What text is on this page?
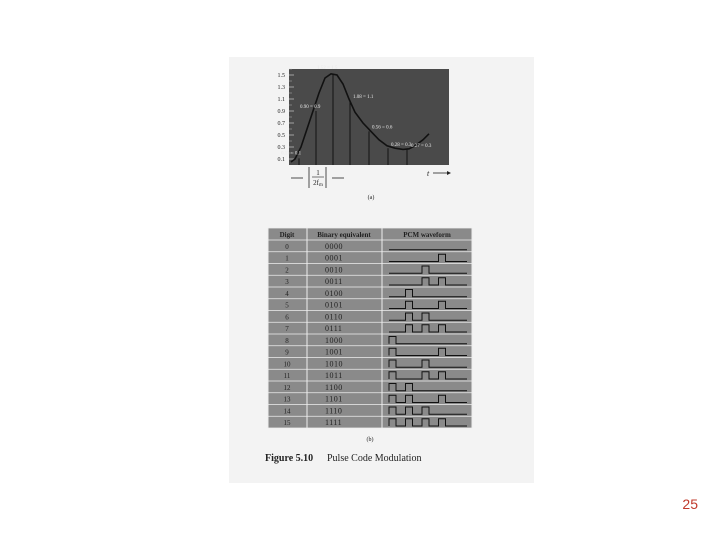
1.5
1.3
1.1
0.9
0.7
0.5
0.3
0.1
0.11 = 0.1
0.90 = 0.9
1.52 = 1.5
1.08 = 1.1
0.56 = 0.6
0.28 = 0.3 0.27 = 0.3
1
2fm
t
(a)
Digit	Binary equivalent	PCM waveform
0	0000
1	0001
2	0010
3	0011
4	0100
5	0101
6	0110
7	0111
8	1000
9	1001
10	1010
11	1011
12	1100
13	1101
14	1110
15	1111
(b)
Figure 5.10 Pulse Code Modulation
25
